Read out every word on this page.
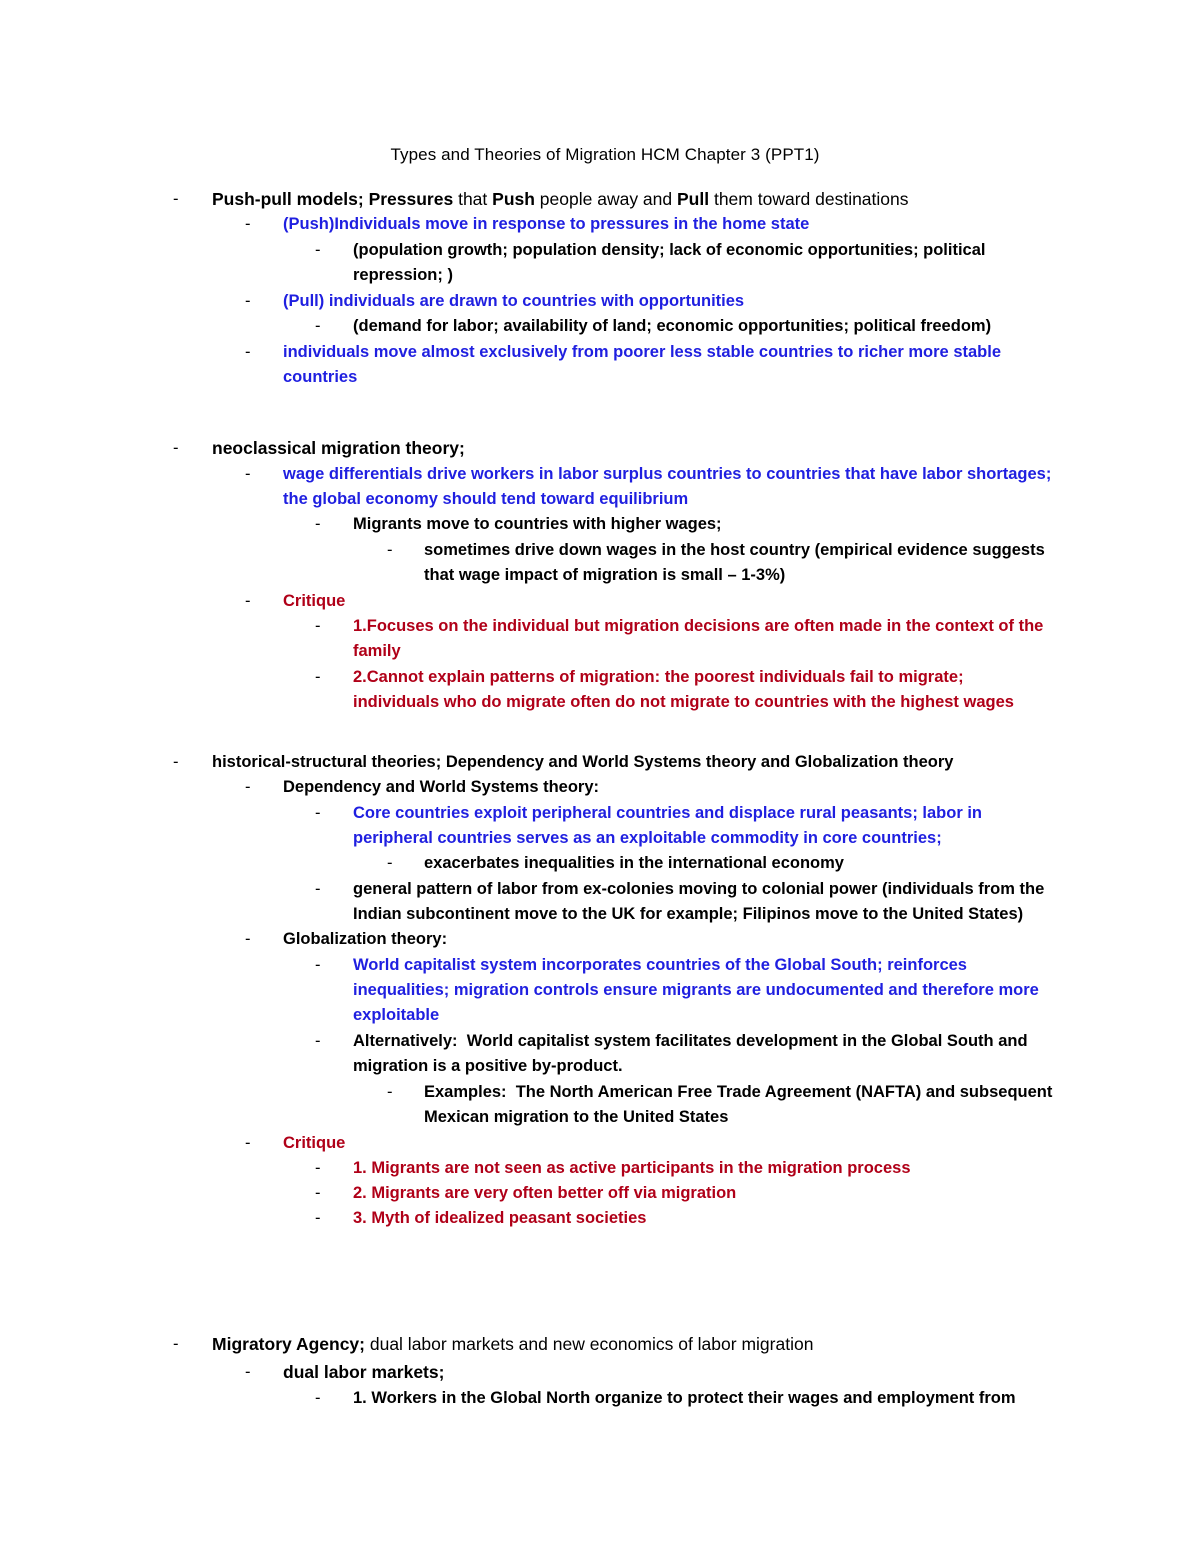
Types and Theories of Migration HCM Chapter 3 (PPT1)
- Push-pull models; Pressures that Push people away and Pull them toward destinations
- (Push)Individuals move in response to pressures in the home state
- (population growth; population density; lack of economic opportunities; political
repression; )
- (Pull) individuals are drawn to countries with opportunities
- (demand for labor; availability of land; economic opportunities; political freedom)
- individuals move almost exclusively from poorer less stable countries to richer more stable
countries
- neoclassical migration theory;
- wage differentials drive workers in labor surplus countries to countries that have labor shortages;
the global economy should tend toward equilibrium
- Migrants move to countries with higher wages;
- sometimes drive down wages in the host country (empirical evidence suggests
that wage impact of migration is small – 1-3%)
- Critique
- 1.Focuses on the individual but migration decisions are often made in the context of the
family
- 2.Cannot explain patterns of migration: the poorest individuals fail to migrate;
individuals who do migrate often do not migrate to countries with the highest wages
- historical-structural theories; Dependency and World Systems theory and Globalization theory
- Dependency and World Systems theory:
- Core countries exploit peripheral countries and displace rural peasants; labor in
peripheral countries serves as an exploitable commodity in core countries;
- exacerbates inequalities in the international economy
- general pattern of labor from ex-colonies moving to colonial power (individuals from the
Indian subcontinent move to the UK for example; Filipinos move to the United States)
- Globalization theory:
- World capitalist system incorporates countries of the Global South; reinforces
inequalities; migration controls ensure migrants are undocumented and therefore more
exploitable
- Alternatively:  World capitalist system facilitates development in the Global South and
migration is a positive by-product.
- Examples:  The North American Free Trade Agreement (NAFTA) and subsequent
Mexican migration to the United States
- Critique
- 1. Migrants are not seen as active participants in the migration process
- 2. Migrants are very often better off via migration
- 3. Myth of idealized peasant societies
- Migratory Agency; dual labor markets and new economics of labor migration
- dual labor markets;
- 1. Workers in the Global North organize to protect their wages and employment from
